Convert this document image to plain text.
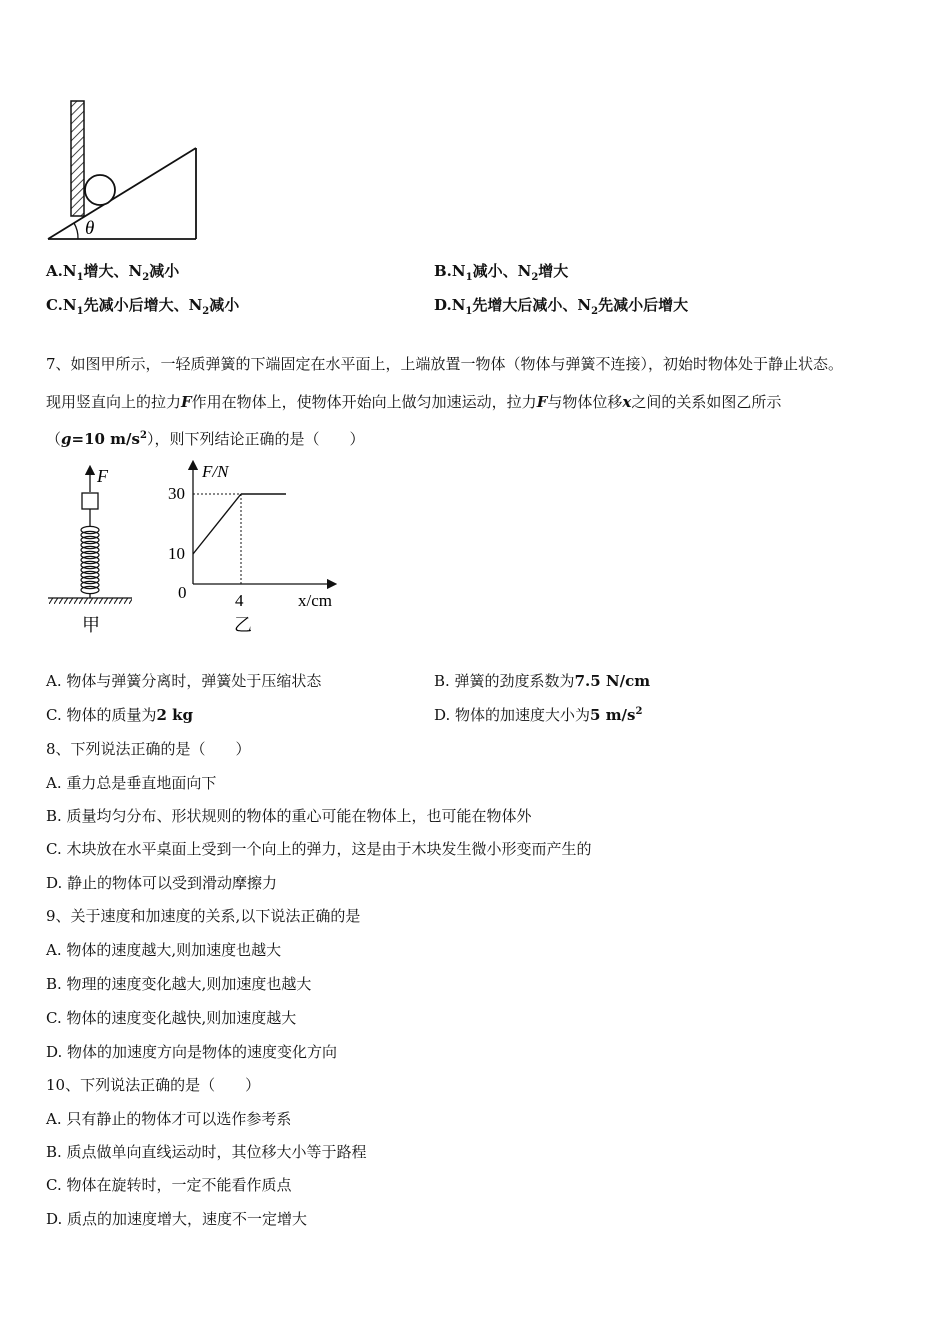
θ
$A.N_1$增大、$N_2$减小	$B.N_1$减小、$N_2$增大
$C.N_1$先减小后增大、$N_2$减小	$D.N_1$先增大后减小、$N_2$先减小后增大
7、如图甲所示，一轻质弹簧的下端固定在水平面上，上端放置一物体（物体与弹簧不连接），初始时物体处于静止状态。
现用竖直向上的拉力F作用在物体上，使物体开始向上做匀加速运动，拉力F与物体位移x之间的关系如图乙所示
（g=10 $m/s^2$），则下列结论正确的是（　　）
F
甲
F/N
x/cm
30
10
0	4
乙
A. 物体与弹簧分离时，弹簧处于压缩状态	B. 弹簧的劲度系数为7.5 N/cm
C. 物体的质量为2 kg	D. 物体的加速度大小为5 $m/s^2$
8、下列说法正确的是（　　）
A. 重力总是垂直地面向下
B. 质量均匀分布、形状规则的物体的重心可能在物体上，也可能在物体外
C. 木块放在水平桌面上受到一个向上的弹力，这是由于木块发生微小形变而产生的
D. 静止的物体可以受到滑动摩擦力
9、关于速度和加速度的关系,以下说法正确的是
A. 物体的速度越大,则加速度也越大
B. 物理的速度变化越大,则加速度也越大
C. 物体的速度变化越快,则加速度越大
D. 物体的加速度方向是物体的速度变化方向
10、下列说法正确的是（　　）
A. 只有静止的物体才可以选作参考系
B. 质点做单向直线运动时，其位移大小等于路程
C. 物体在旋转时，一定不能看作质点
D. 质点的加速度增大，速度不一定增大
